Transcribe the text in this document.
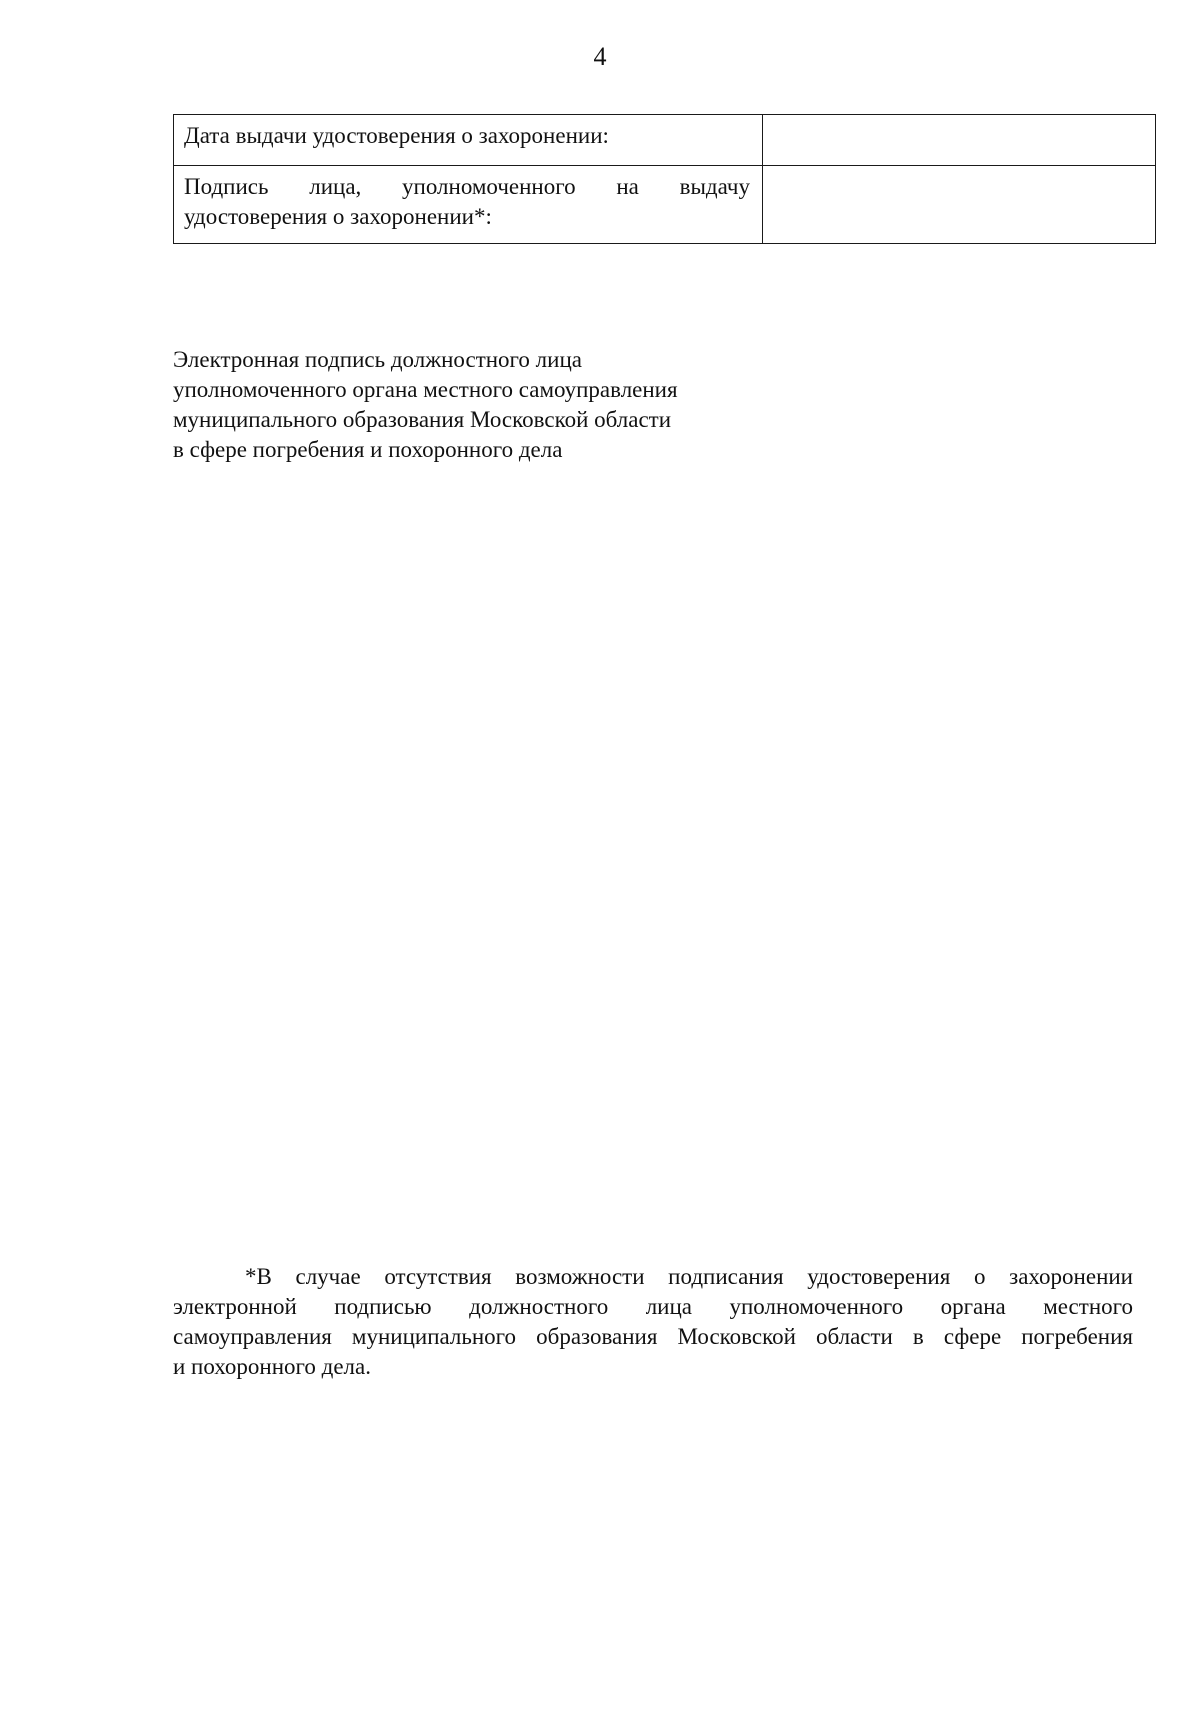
4
Дата выдачи удостоверения о захоронении:	

Подпись лица, уполномоченного на выдачу
удостоверения о захоронении*:	

Электронная подпись должностного лица
уполномоченного органа местного самоуправления
муниципального образования Московской области
в сфере погребения и похоронного дела
*В случае отсутствия возможности подписания удостоверения о захоронении
электронной подписью должностного лица уполномоченного органа местного
самоуправления муниципального образования Московской области в сфере погребения
и похоронного дела.
